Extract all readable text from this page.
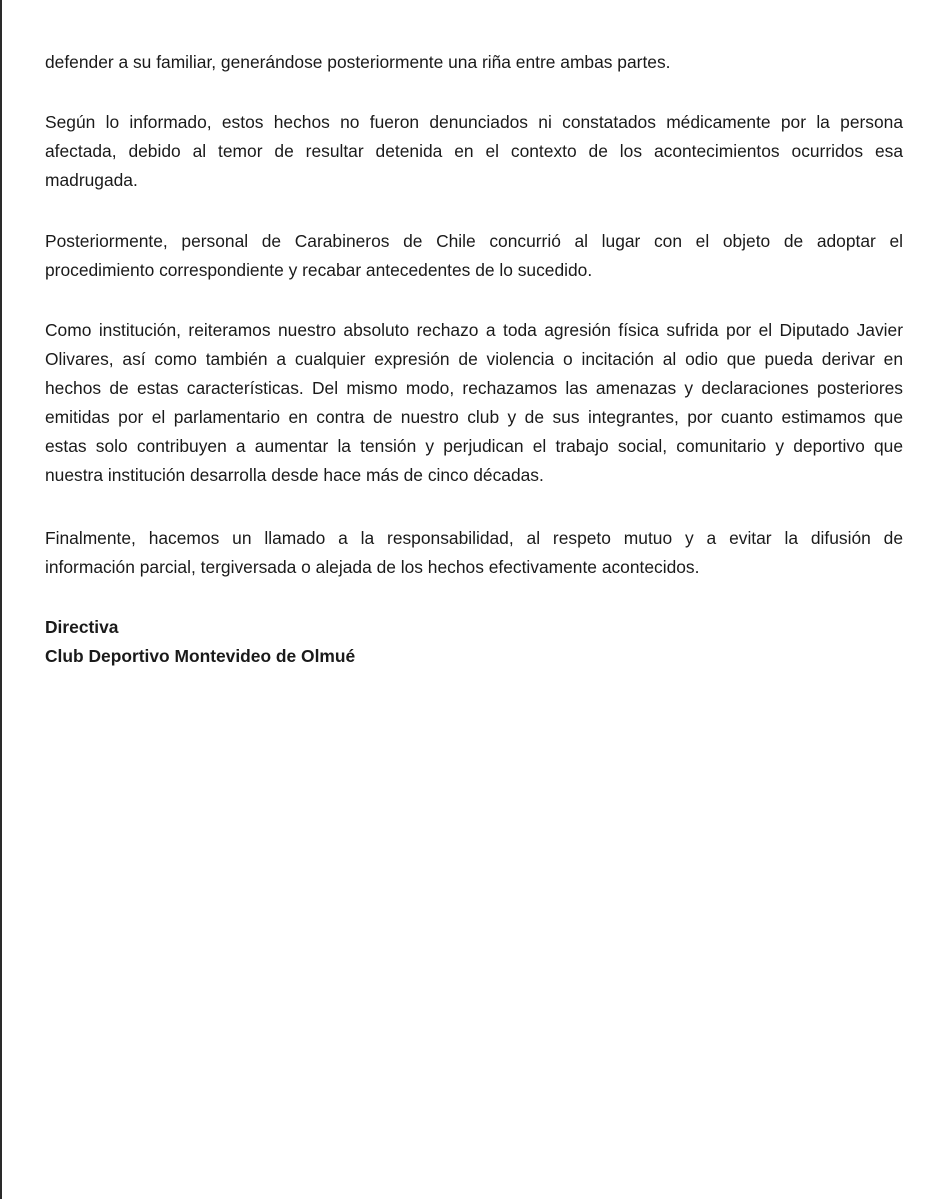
defender a su familiar, generándose posteriormente una riña entre ambas partes.
Según lo informado, estos hechos no fueron denunciados ni constatados médicamente por la persona
afectada, debido al temor de resultar detenida en el contexto de los acontecimientos ocurridos esa
madrugada.
Posteriormente, personal de Carabineros de Chile concurrió al lugar con el objeto de adoptar el
procedimiento correspondiente y recabar antecedentes de lo sucedido.
Como institución, reiteramos nuestro absoluto rechazo a toda agresión física sufrida por el Diputado Javier
Olivares, así como también a cualquier expresión de violencia o incitación al odio que pueda derivar en
hechos de estas características. Del mismo modo, rechazamos las amenazas y declaraciones posteriores
emitidas por el parlamentario en contra de nuestro club y de sus integrantes, por cuanto estimamos que
estas solo contribuyen a aumentar la tensión y perjudican el trabajo social, comunitario y deportivo que
nuestra institución desarrolla desde hace más de cinco décadas.
Finalmente, hacemos un llamado a la responsabilidad, al respeto mutuo y a evitar la difusión de
información parcial, tergiversada o alejada de los hechos efectivamente acontecidos.
Directiva
Club Deportivo Montevideo de Olmué
